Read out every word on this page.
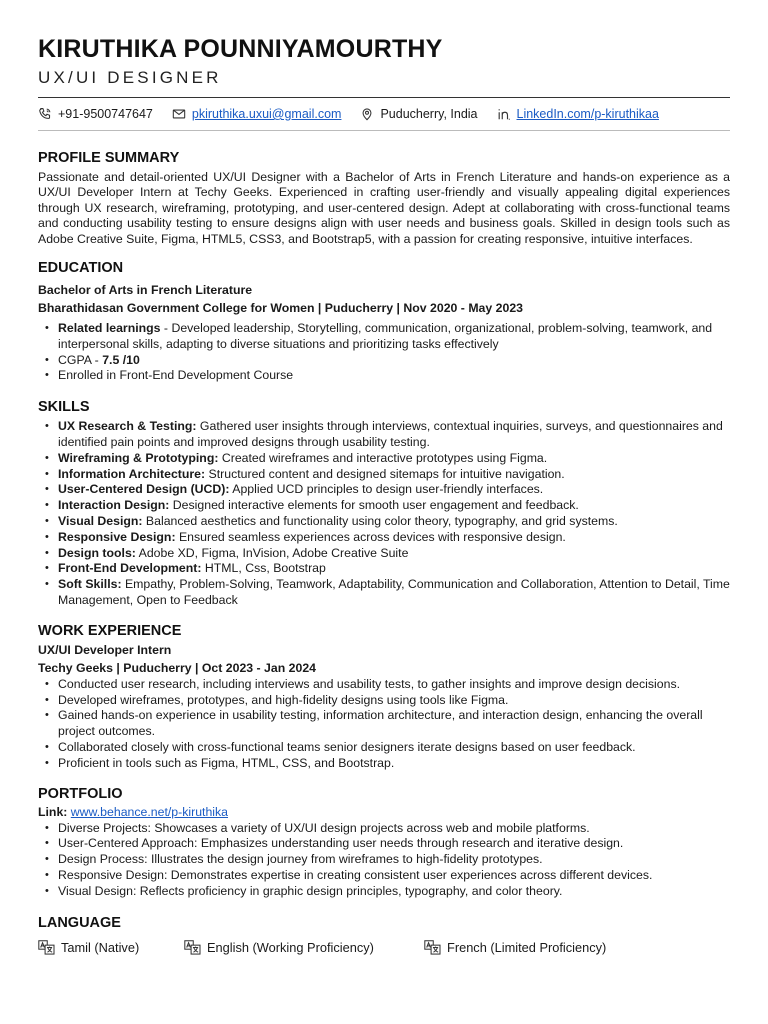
KIRUTHIKA POUNNIYAMOURTHY
UX/UI DESIGNER
+91-9500747647	pkiruthika.uxui@gmail.com	Puducherry, India	LinkedIn.com/p-kiruthikaa
PROFILE SUMMARY
Passionate and detail-oriented UX/UI Designer with a Bachelor of Arts in French Literature and hands-on experience as a UX/UI Developer Intern at Techy Geeks. Experienced in crafting user-friendly and visually appealing digital experiences through UX research, wireframing, prototyping, and user-centered design. Adept at collaborating with cross-functional teams and conducting usability testing to ensure designs align with user needs and business goals. Skilled in design tools such as Adobe Creative Suite, Figma, HTML5, CSS3, and Bootstrap5, with a passion for creating responsive, intuitive interfaces.
EDUCATION
Bachelor of Arts in French Literature
Bharathidasan Government College for Women | Puducherry | Nov 2020 - May 2023
• Related learnings - Developed leadership, Storytelling, communication, organizational, problem-solving, teamwork, and interpersonal skills, adapting to diverse situations and prioritizing tasks effectively
• CGPA - 7.5 /10
• Enrolled in Front-End Development Course
SKILLS
• UX Research & Testing: Gathered user insights through interviews, contextual inquiries, surveys, and questionnaires and identified pain points and improved designs through usability testing.
• Wireframing & Prototyping: Created wireframes and interactive prototypes using Figma.
• Information Architecture: Structured content and designed sitemaps for intuitive navigation.
• User-Centered Design (UCD): Applied UCD principles to design user-friendly interfaces.
• Interaction Design: Designed interactive elements for smooth user engagement and feedback.
• Visual Design: Balanced aesthetics and functionality using color theory, typography, and grid systems.
• Responsive Design: Ensured seamless experiences across devices with responsive design.
• Design tools: Adobe XD, Figma, InVision, Adobe Creative Suite
• Front-End Development: HTML, Css, Bootstrap
• Soft Skills: Empathy, Problem-Solving, Teamwork, Adaptability, Communication and Collaboration, Attention to Detail, Time Management, Open to Feedback
WORK EXPERIENCE
UX/UI Developer Intern
Techy Geeks | Puducherry | Oct 2023 - Jan 2024
• Conducted user research, including interviews and usability tests, to gather insights and improve design decisions.
• Developed wireframes, prototypes, and high-fidelity designs using tools like Figma.
• Gained hands-on experience in usability testing, information architecture, and interaction design, enhancing the overall project outcomes.
• Collaborated closely with cross-functional teams senior designers iterate designs based on user feedback.
• Proficient in tools such as Figma, HTML, CSS, and Bootstrap.
PORTFOLIO
Link: www.behance.net/p-kiruthika
• Diverse Projects: Showcases a variety of UX/UI design projects across web and mobile platforms.
• User-Centered Approach: Emphasizes understanding user needs through research and iterative design.
• Design Process: Illustrates the design journey from wireframes to high-fidelity prototypes.
• Responsive Design: Demonstrates expertise in creating consistent user experiences across different devices.
• Visual Design: Reflects proficiency in graphic design principles, typography, and color theory.
LANGUAGE
Tamil (Native)	English (Working Proficiency)	French (Limited Proficiency)
